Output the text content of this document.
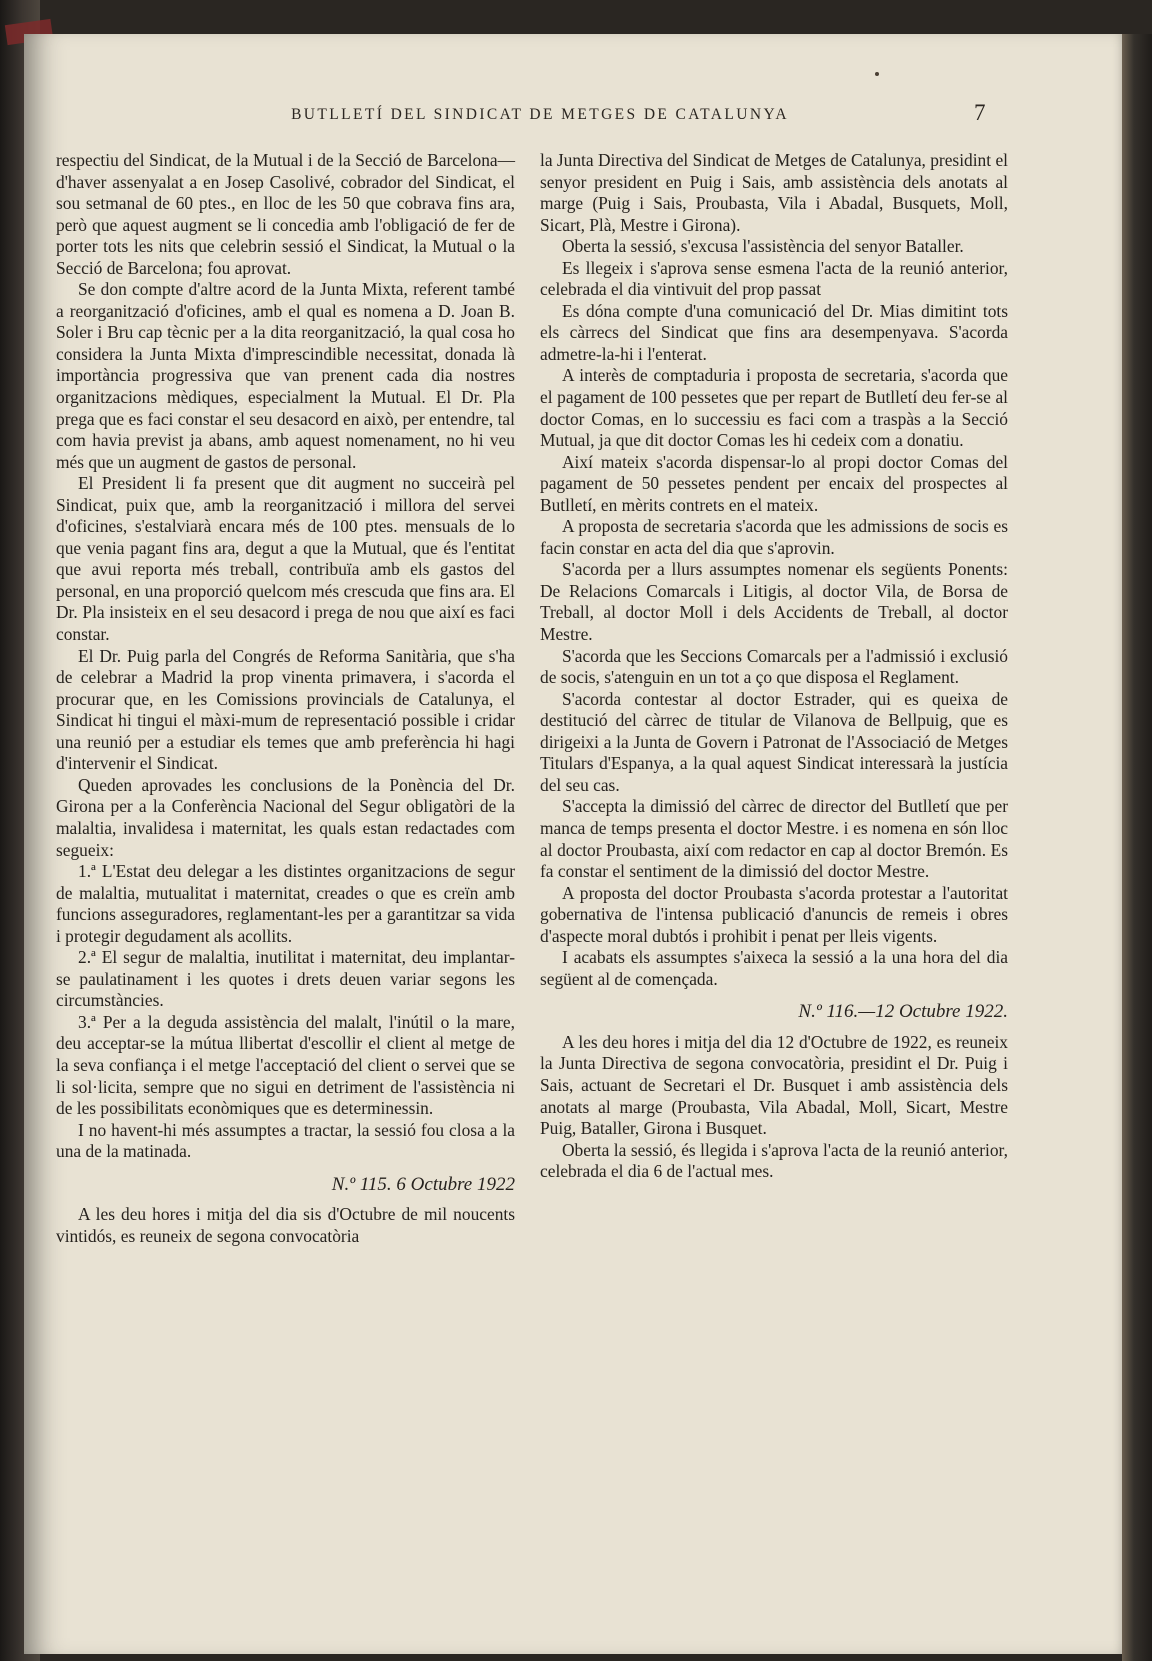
BUTLLETÍ DEL SINDICAT DE METGES DE CATALUNYA	7

respectiu del Sindicat, de la Mutual i de la Secció de Barcelona—d'haver assenyalat a en Josep Casolivé, cobrador del Sindicat, el sou setmanal de 60 ptes., en lloc de les 50 que cobrava fins ara, però que aquest augment se li concedia amb l'obligació de fer de porter tots les nits que celebrin sessió el Sindicat, la Mutual o la Secció de Barcelona; fou aprovat.

Se don compte d'altre acord de la Junta Mixta, referent també a reorganització d'oficines, amb el qual es nomena a D. Joan B. Soler i Bru cap tècnic per a la dita reorganització, la qual cosa ho considera la Junta Mixta d'imprescindible necessitat, donada là importància progressiva que van prenent cada dia nostres organitzacions mèdiques, especialment la Mutual. El Dr. Pla prega que es faci constar el seu desacord en això, per entendre, tal com havia previst ja abans, amb aquest nomenament, no hi veu més que un augment de gastos de personal.

El President li fa present que dit augment no succeirà pel Sindicat, puix que, amb la reorganització i millora del servei d'oficines, s'estalviarà encara més de 100 ptes. mensuals de lo que venia pagant fins ara, degut a que la Mutual, que és l'entitat que avui reporta més treball, contribuïa amb els gastos del personal, en una proporció quelcom més crescuda que fins ara. El Dr. Pla insisteix en el seu desacord i prega de nou que així es faci constar.

El Dr. Puig parla del Congrés de Reforma Sanitària, que s'ha de celebrar a Madrid la prop vinenta primavera, i s'acorda el procurar que, en les Comissions provincials de Catalunya, el Sindicat hi tingui el màxi-mum de representació possible i cridar una reunió per a estudiar els temes que amb preferència hi hagi d'intervenir el Sindicat.

Queden aprovades les conclusions de la Ponència del Dr. Girona per a la Conferència Nacional del Segur obligatòri de la malaltia, invalidesa i maternitat, les quals estan redactades com segueix:

1.ª L'Estat deu delegar a les distintes organitzacions de segur de malaltia, mutualitat i maternitat, creades o que es creïn amb funcions asseguradores, reglamentant-les per a garantitzar sa vida i protegir degudament als acollits.

2.ª El segur de malaltia, inutilitat i maternitat, deu implantar-se paulatinament i les quotes i drets deuen variar segons les circumstàncies.

3.ª Per a la deguda assistència del malalt, l'inútil o la mare, deu acceptar-se la mútua llibertat d'escollir el client al metge de la seva confiança i el metge l'acceptació del client o servei que se li sol·licita, sempre que no sigui en detriment de l'assistència ni de les possibilitats econòmiques que es determinessin.

I no havent-hi més assumptes a tractar, la sessió fou closa a la una de la matinada.

N.º 115. 6 Octubre 1922

A les deu hores i mitja del dia sis d'Octubre de mil noucents vintidós, es reuneix de segona convocatòria

la Junta Directiva del Sindicat de Metges de Catalunya, presidint el senyor president en Puig i Sais, amb assistència dels anotats al marge (Puig i Sais, Proubasta, Vila i Abadal, Busquets, Moll, Sicart, Plà, Mestre i Girona).

Oberta la sessió, s'excusa l'assistència del senyor Bataller.

Es llegeix i s'aprova sense esmena l'acta de la reunió anterior, celebrada el dia vintivuit del prop passat

Es dóna compte d'una comunicació del Dr. Mias dimitint tots els càrrecs del Sindicat que fins ara desempenyava. S'acorda admetre-la-hi i l'enterat.

A interès de comptaduria i proposta de secretaria, s'acorda que el pagament de 100 pessetes que per repart de Butlletí deu fer-se al doctor Comas, en lo successiu es faci com a traspàs a la Secció Mutual, ja que dit doctor Comas les hi cedeix com a donatiu.

Així mateix s'acorda dispensar-lo al propi doctor Comas del pagament de 50 pessetes pendent per encaix del prospectes al Butlletí, en mèrits contrets en el mateix.

A proposta de secretaria s'acorda que les admissions de socis es facin constar en acta del dia que s'aprovin.

S'acorda per a llurs assumptes nomenar els següents Ponents: De Relacions Comarcals i Litigis, al doctor Vila, de Borsa de Treball, al doctor Moll i dels Accidents de Treball, al doctor Mestre.

S'acorda que les Seccions Comarcals per a l'admissió i exclusió de socis, s'atenguin en un tot a ço que disposa el Reglament.

S'acorda contestar al doctor Estrader, qui es queixa de destitució del càrrec de titular de Vilanova de Bellpuig, que es dirigeixi a la Junta de Govern i Patronat de l'Associació de Metges Titulars d'Espanya, a la qual aquest Sindicat interessarà la justícia del seu cas.

S'accepta la dimissió del càrrec de director del Butlletí que per manca de temps presenta el doctor Mestre. i es nomena en són lloc al doctor Proubasta, així com redactor en cap al doctor Bremón. Es fa constar el sentiment de la dimissió del doctor Mestre.

A proposta del doctor Proubasta s'acorda protestar a l'autoritat gobernativa de l'intensa publicació d'anuncis de remeis i obres d'aspecte moral dubtós i prohibit i penat per lleis vigents.

I acabats els assumptes s'aixeca la sessió a la una hora del dia següent al de començada.

N.º 116.—12 Octubre 1922.

A les deu hores i mitja del dia 12 d'Octubre de 1922, es reuneix la Junta Directiva de segona convocatòria, presidint el Dr. Puig i Sais, actuant de Secretari el Dr. Busquet i amb assistència dels anotats al marge (Proubasta, Vila Abadal, Moll, Sicart, Mestre Puig, Bataller, Girona i Busquet.

Oberta la sessió, és llegida i s'aprova l'acta de la reunió anterior, celebrada el dia 6 de l'actual mes.
